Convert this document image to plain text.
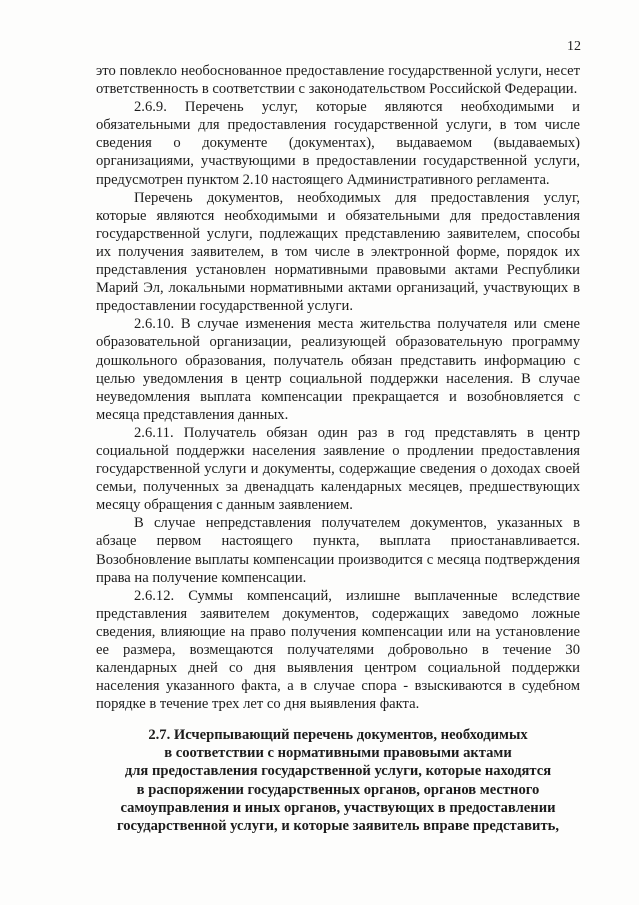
12

это повлекло необоснованное предоставление государственной услуги, несет ответственность в соответствии с законодательством Российской Федерации.

2.6.9. Перечень услуг, которые являются необходимыми и обязательными для предоставления государственной услуги, в том числе сведения о документе (документах), выдаваемом (выдаваемых) организациями, участвующими в предоставлении государственной услуги, предусмотрен пунктом 2.10 настоящего Административного регламента.

Перечень документов, необходимых для предоставления услуг, которые являются необходимыми и обязательными для предоставления государственной услуги, подлежащих представлению заявителем, способы их получения заявителем, в том числе в электронной форме, порядок их представления установлен нормативными правовыми актами Республики Марий Эл, локальными нормативными актами организаций, участвующих в предоставлении государственной услуги.

2.6.10. В случае изменения места жительства получателя или смене образовательной организации, реализующей образовательную программу дошкольного образования, получатель обязан представить информацию с целью уведомления в центр социальной поддержки населения. В случае неуведомления выплата компенсации прекращается и возобновляется с месяца представления данных.

2.6.11. Получатель обязан один раз в год представлять в центр социальной поддержки населения заявление о продлении предоставления государственной услуги и документы, содержащие сведения о доходах своей семьи, полученных за двенадцать календарных месяцев, предшествующих месяцу обращения с данным заявлением.

В случае непредставления получателем документов, указанных в абзаце первом настоящего пункта, выплата приостанавливается. Возобновление выплаты компенсации производится с месяца подтверждения права на получение компенсации.

2.6.12. Суммы компенсаций, излишне выплаченные вследствие представления заявителем документов, содержащих заведомо ложные сведения, влияющие на право получения компенсации или на установление ее размера, возмещаются получателями добровольно в течение 30 календарных дней со дня выявления центром социальной поддержки населения указанного факта, а в случае спора - взыскиваются в судебном порядке в течение трех лет со дня выявления факта.

2.7. Исчерпывающий перечень документов, необходимых

в соответствии с нормативными правовыми актами

для предоставления государственной услуги, которые находятся

в распоряжении государственных органов, органов местного

самоуправления и иных органов, участвующих в предоставлении

государственной услуги, и которые заявитель вправе представить,
